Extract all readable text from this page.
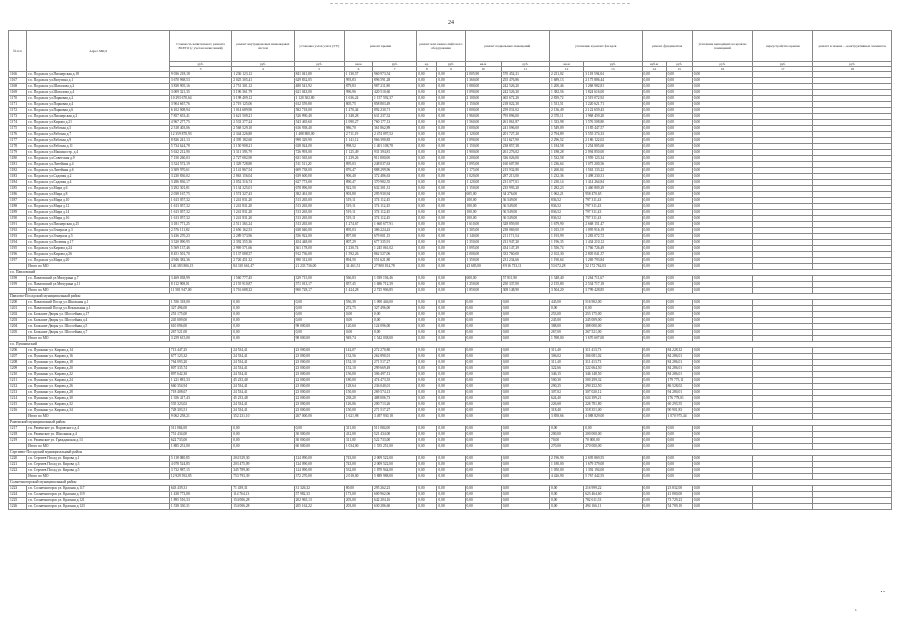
24
№ п/п	Адрес МКД	Стоимость капитального ремонта ВСЕГО (с учетом начислений)	ремонт внутридомовых инженерных систем	установка узлов учета (УУ)	ремонт крыши		ремонт или замена лифтового оборудования		ремонт подвальных помещений		утепление и ремонт фасадов		ремонт фундаментов		утепление выходящих на кровлю помещений	переустройство крыши	ремонт и замена ... конструктивных элементов
		руб.	руб.	руб.	кв.м	руб.	ед.	руб.	кв.м	руб.	кв.м	руб.	куб.м	руб.	руб.	руб.	руб.
		3	4	5	6	7	8	9	10	11	12	13	14	15	16	17	18
1166	г.о. Подольск ул.Пионерская д.18	9 036 218,18	1 236 123,12	841 041,80	1 130,57	960 973,54	0,00	0,00	2 005,90	570 452,21	2 231,02	3 118 594,04	0,00	0,00	0,00		
1167	г.о. Подольск ул.Ватутина д.1	3 670 968,53	2 025 305,41	629 832,05	993,83	896 591,28	0,00	0,00	1 360,00	255 476,86	1 689,13	2 175 886,44	0,00	0,00	0,00		
1168	г.о. Подольск ул.Шаталова д.2	3 838 905,16	2 751 301,12	480 541,92	879,83	987 211,80	0,00	0,00	1 080,00	242 526,20	1 200,46	1 268 982,81	0,00	0,00	0,00		
1169	г.о. Подольск ул.Шаталова д.4	3 009 321,35	3 196 361,79	621 043,00	996,96	420 510,60	0,00	0,00	1 090,00	242 526,20	1 382,56	1 824 616,00	0,00	0,00	0,00		
1170	г.о. Подольск ул.Парковая д.2	10 293 670,64	3 198 409,12	1 120 302,80	1 636,24	1 157 592,37	0,00	0,00	2 100,00	465 672,20	2 839,72	2 519 072,92	0,00	0,00	0,00		
1171	г.о. Подольск ул.Парковая д.4	3 904 667,76	2 719 125,06	612 559,80	805,75	858 803,49	0,00	0,00	1 150,00	218 022,30	1 531,51	1 220 621,71	0,00	0,00	0,00		
1172	г.о. Подольск ул.Парковая д.6	6 102 008,94	1 014 689,90	582 718,00	1 270,44	892 230,71	0,00	0,00	1 000,00	259 031,02	2 136,49	2 122 659,43	0,00	0,00	0,00		
1173	г.о. Подольск ул.Пионерская д.2	7 857 653,41	3 621 509,21	526 990,40	1 348,28	631 237,32	0,00	0,00	1 960,00	795 896,00	2 370,11	1 968 459,20	0,00	0,00	0,00		
1174	г.о. Подольск ул.Кирова д.21	4 967 277,75	2 533 377,24	543 465,60	1 090,27	760 177,13	0,00	0,00	1 560,00	261 861,87	1 333,98	1 576 508,80	0,00	0,00	0,00		
1175	г.о. Подольск ул.Рабочая д.5	2 318 403,06	2 568 529,10	616 938,40	986,70	361 862,89	0,00	0,00	1 000,00	241 096,00	1 549,09	1 185 447,57	0,00	0,00	0,00		
1176	г.о. Подольск ул.Рабочая д.7	12 359 870,93	2 344 226,80	1 488 800,00	2 711,19	2 474 097,52	0,00	0,00	1 120,00	201 727,20	2 794,89	3 555 374,33	0,00	0,00	0,00		
1177	г.о. Подольск ул.Рабочая д.9	8 826 241,13	4 395 182,60	998 329,90	1 141,12	966 390,85	0,00	0,00	1 090,00	311 627,90	2 296,52	2 186 122,02	0,00	0,00	0,00		
1178	г.о. Подольск ул.Рабочая д.11	5 734 624,78	3 150 908,21	638 024,00	998,52	1 401 108,78	0,00	0,00	1 150,00	238 857,38	1 184,58	1 254 805,60	0,00	0,00	0,00		
1179	г.о. Подольск ул.Машиностр. д.4	5 632 212,90	3 311 393,79	726 993,00	1 125,49	931 394,81	0,00	0,00	1 900,00	261 276,02	1 188,28	2 094 850,00	0,00	0,00	0,00		
1180	г.о. Подольск ул.Советская д.9	7 150 260,03	2 727 082,90	631 565,60	1 239,26	911 800,00	0,00	0,00	1 200,00	336 026,00	1 532,58	1 959 123,34	0,00	0,00	0,00		
1181	г.о. Подольск ул.Литейная д.4	3 324 572,19	1 329 728,80	511 511,20	895,03	248 037,63	0,00	0,00	1 095,00	160 607,80	1 236,64	1 075 200,56	0,00	0,00	0,00		
1182	г.о. Подольск ул.Литейная д.6	3 309 970,61	2 141 867,54	609 738,00	876,47	888 299,96	0,00	0,00	1 175,00	215 932,80	1 260,04	1 563 133,22	0,00	0,00	0,00		
1183	г.о. Подольск ул.Садовая д.2	3 230 836,02	2 863 156,04	639 600,00	906,40	372 486,63	0,00	0,00	1 020,00	287 213,00	1 232,36	1 498 230,31	0,00	0,00	0,00		
1184	г.о. Подольск ул.Садовая д.4	3 286 836,17	2 052 316,74	627 773,00	890,47	370 982,55	0,00	0,00	1 120,00	231 077,01	1 230,14	1 414 264,84	0,00	0,00	0,00		
1185	г.о. Подольск ул.Мира д.6	3 292 301,81	3 134 325,01	678 096,00	922,50	632 301,31	0,00	0,00	1 150,00	235 993,20	1 282,23	1 460 809,29	0,00	0,00	0,00		
1186	г.о. Подольск ул.Мира д.8	2 038 167,75	1 574 327,43	382 461,00	903,80	295 930,94	0,00	0,00	605,00	34 276,00	1 062,21	958 470,65	0,00	0,00	0,00		
1187	г.о. Подольск ул.Мира д.10	1 613 057,32	1 241 831,20	513 265,00	519,11	374 112,45	0,00	0,00	100,00	36 549,00	836,52	797 311,43	0,00	0,00	0,00		
1188	г.о. Подольск ул.Мира д.12	1 613 057,32	1 241 831,20	513 265,00	519,11	374 112,45	0,00	0,00	100,00	36 549,00	836,52	797 311,43	0,00	0,00	0,00		
1189	г.о. Подольск ул.Мира д.14	1 613 057,32	1 241 831,20	513 265,00	519,11	374 112,45	0,00	0,00	100,00	36 549,00	836,52	797 311,43	0,00	0,00	0,00		
1190	г.о. Подольск ул.Мира д.16	1 613 057,32	1 241 831,20	513 265,00	519,11	374 112,45	0,00	0,00	100,00	36 549,00	836,52	797 311,43	0,00	0,00	0,00		
1191	г.о. Подольск ул.Пионерская д.25	3 181 771,25	2 511 363,24	513 265,00	1 274,67	1 660 677,91	0,00	0,00	1 610,00	328 859,00	1 679,90	2 668 151,47	0,00	0,00	0,00		
1192	г.о. Подольск ул.Генерала д.3	2 576 111,82	2 656 162,53	638 040,00	895,03	386 224,43	0,00	0,00	1 305,00	238 069,00	1 015,19	1 095 916,19	0,00	0,00	0,00		
1193	г.о. Подольск ул.Генерала д.5	3 436 270,23	2 289 573,96	556 922,00	897,08	679 001,15	0,00	0,00	1 140,00	211 171,54	1 193,99	1 283 072,72	0,00	0,00	0,00		
1194	г.о. Подольск ул.Полевая д.17	3 320 090,95	2 392 355,36	454 448,00	807,29	677 335,91	0,00	0,00	1 350,00	231 947,20	1 196,35	1 434 210,12	0,00	0,00	0,00		
1195	г.о. Подольск ул.Кирова д.24	5 569 137,46	2 969 571,66	361 178,00	1 230,74	1 245 061,02	0,00	0,00	1 095,00	434 147,29	1 556,74	1 766 726,49	0,00	0,00	0,00		
1196	г.о. Подольск ул.Кирова д.26	8 451 501,70	5 137 088,57	912 736,00	1 592,26	862 527,06	0,00	0,00	2 000,00	333 760,00	2 102,30	2 805 041,37	0,00	0,00	0,00		
1197	г.о. Подольск ул.Мира д.20	4 946 382,36	2 726 451,32	390 312,00	894,50	551 621,80	0,00	0,00	1 350,00	231 234,66	1 190,64	1 269 793,84	0,00	0,00	0,00		
	Итого по МО	146 383 806,15	84 310 661,47	21 233 736,00	34 461,51	27 800 814,78	0,00	0,00	43 685,00	8 916 733,11	53 672,28	52 172 762,03	0,00	0,00	0,00		
г.о. Павловский																	
1198	г.о. Павловский ул.Мичурина д.7	3 469 038,99	1 560 777,45	329 715,00	566,83	1 039 194,46	0,00	0,00	600,00	57 811,90	1 348,40	1 264 711,67	0,00	0,00	0,00		
1199	г.о. Павловский ул.Мичурина д.11	8 112 908,01	2 155 910,87	571 013,17	857,45	1 686 712,39	0,00	0,00	1 250,00	250 337,00	2 155,80	2 534 717,18	0,00	0,00	0,00		
	Итого по МО	11 581 947,00	3 716 688,32	900 728,17	1 424,28	2 725 906,85	0,00	0,00	1 850,00	308 148,90	3 504,20	3 799 428,85	0,00	0,00	0,00		
Павлово-Посадский муниципальный район																	
1200	г.о. Павловский Посад ул.Школьная д.1	1 556 318,00	0,00	0,00	556,39	1 090 446,00	0,00	0,00	0,00	0,00	445,00	516 902,00	0,00	0,00	0,00		
1201	г.о. Павловский Посад ул.Вокзальная д.1	327 496,00	0,00	0,00	272,75	327 496,00	0,00	0,00	0,00	0,00	0,00	0,00	0,00	0,00	0,00		
1202	г.п. Большие Дворы ул. Шоссейная д.17	253 175,00	0,00	0,00	0,00	0,00	0,00	0,00	0,00	0,00	253,00	253 175,00	0,00	0,00	0,00		
1203	г.п. Большие Дворы ул. Шоссейная д.4	245 009,00	0,00	0,00	0,00	0,00	0,00	0,00	0,00	0,00	245,00	245 009,00	0,00	0,00	0,00		
1204	г.п. Большие Дворы ул. Шоссейная д.5	610 096,00	0,00	98 000,00	120,60	124 096,00	0,00	0,00	0,00	0,00	388,00	388 000,00	0,00	0,00	0,00		
1205	г.п. Большие Дворы ул. Шоссейная д.7	267 521,00	0,00	0,00	0,00	0,00	0,00	0,00	0,00	0,00	267,00	267 521,00	0,00	0,00	0,00		
	Итого по МО	3 259 615,00	0,00	98 000,00	949,74	1 542 038,00	0,00	0,00	0,00	0,00	1 598,00	1 670 607,00	0,00	0,00	0,00		
г.о. Пушкинский																	
1206	г.п. Пушкино ул. Кирова д.14	713 447,25	24 534,41	23 000,00	142,07	272 270,80	0,00	0,00	0,00	0,00	311,40	311 413,73	0,00	84 228,32	0,00		
1207	г.п. Пушкино ул. Кирова д.16	677 123,32	24 534,41	23 000,00	132,56	262 890,01	0,00	0,00	0,00	0,00	306,02	306 081,02	0,00	84 286,01	0,00		
1208	г.п. Пушкино ул. Кирова д.18	764 093,20	24 534,41	23 000,00	152,10	271 517,27	0,00	0,00	0,00	0,00	311,40	311 413,73	0,00	84 286,01	0,00		
1209	г.п. Пушкино ул. Кирова д.20	807 335,74	24 534,41	23 000,00	152,10	299 669,49	0,00	0,00	0,00	0,00	322,66	322 664,50	0,00	84 286,01	0,00		
1210	г.п. Пушкино ул. Кирова д.22	897 642,30	24 534,41	23 000,00	156,00	306 497,13	0,00	0,00	0,00	0,00	346,15	346 148,50	0,00	84 286,01	0,00		
1211	г.п. Пушкино ул. Кирова д.24	1 221 881,33	45 233,48	22 000,00	180,00	474 473,55	0,00	0,00	0,00	0,00	500,30	500 299,32	0,00	179 775,11	0,00		
1212	г.п. Пушкино ул. Кирова д.26	660 354,94	24 534,41	23 000,00	128,64	236 040,01	0,00	0,00	0,00	0,00	290,25	290 252,50	0,00	86 528,02	0,00		
1213	г.п. Пушкино ул. Кирова д.28	718 408,67	24 534,41	23 000,00	150,00	269 574,13	0,00	0,00	0,00	0,00	307,02	307 020,12	0,00	94 280,01	0,00		
1214	г.п. Пушкино ул. Кирова д.30	1 356 417,43	45 233,48	22 000,00	238,20	488 006,73	0,00	0,00	0,00	0,00	624,40	624 399,21	0,00	176 778,01	0,00		
1215	г.п. Пушкино ул. Кирова д.32	535 323,02	24 534,41	23 000,00	126,06	200 713,26	0,00	0,00	0,00	0,00	226,68	226 781,80	0,00	60 293,55	0,00		
1216	г.п. Пушкино ул. Кирова д.34	728 303,51	24 534,41	23 000,00	150,00	271 517,27	0,00	0,00	0,00	0,00	318,40	318 351,00	0,00	90 901,83	0,00		
	Итого по МО	9 062 258,21	352 231,10	267 000,00	1 621,98	3 497 930,18	0,00	0,00	0,00	0,00	3 858,66	4 088 829,00	0,00	1 070 975,44	0,00		
Раменский муниципальный район																	
1217	г.п. Раменское ул. Воровского д.4	511 084,00	0,00	0,00	311,00	511 084,00	0,00	0,00	0,00	0,00	0,00	0,00	0,00	0,00	0,00		
1218	г.п. Раменское ул. Школьная д.4	751 434,00	0,00	30 000,00	412,00	521 434,00	0,00	0,00	0,00	0,00	200,00	200 000,00	0,00	0,00	0,00		
1219	г.п. Раменское ул. Гражданская д.13	622 733,00	0,00	30 000,00	311,00	522 733,00	0,00	0,00	0,00	0,00	70,00	70 000,00	0,00	0,00	0,00		
	Итого по МО	1 885 251,00	0,00	60 000,00	1 034,00	1 555 251,00	0,00	0,00	0,00	0,00	270,00	270 000,00	0,00	0,00	0,00		
Сергиево-Посадский муниципальный район																	
1220	г.п. Сергиев Посад ул. Кирова д.1	5 118 080,85	204 529,30	124 090,00	743,00	2 009 522,00	0,00	0,00	0,00	0,00	2 196,90	2 695 869,55	0,00	0,00	0,00		
1221	г.п. Сергиев Посад ул. Кирова д.3	4 078 524,85	203 475,09	124 090,00	743,00	2 009 522,00	0,00	0,00	0,00	0,00	1 180,00	1 679 379,00	0,00	0,00	0,00		
1222	г.п. Сергиев Посад ул. Кирова д.5	3 732 987,15	345 789,00	124 090,00	532,00	1 870 944,00	0,00	0,00	0,00	0,00	1 050,00	1 392 194,00	0,00	0,00	0,00		
	Итого по МО	12 929 592,85	753 793,39	372 270,00	2 018,00	5 889 988,00	0,00	0,00	0,00	0,00	4 426,90	5 767 442,55	0,00	0,00	0,00		
Солнечногорский муниципальный район																	
1223	г.п. Солнечногорск ул. Красная д.117	643 439,31	71 439,31	31 326,32	80,00	295 262,23	0,00	0,00	0,00	0,00	0,00	216 999,22	0,00	23 832,00	0,00		
1224	г.п. Солнечногорск ул. Красная д.119	1 438 773,08	114 764,13	57 982,33	173,00	600 962,06	0,00	0,00	0,00	0,00	0,00	623 464,60	0,00	41 800,00	0,00		
1225	г.п. Солнечногорск ул. Красная д.121	1 895 516,33	154 006,28	202 965,13	203,00	642 204,16	0,00	0,00	0,00	0,00	0,00	782 611,53	0,00	73 729,23	0,00		
1226	г.п. Солнечногорск ул. Красная д.123	1 538 330,31	154 006,28	205 162,22	203,00	630 286,60	0,00	0,00	0,00	0,00	0,00	494 166,11	0,00	54 709,10	0,00		
‥
‘
